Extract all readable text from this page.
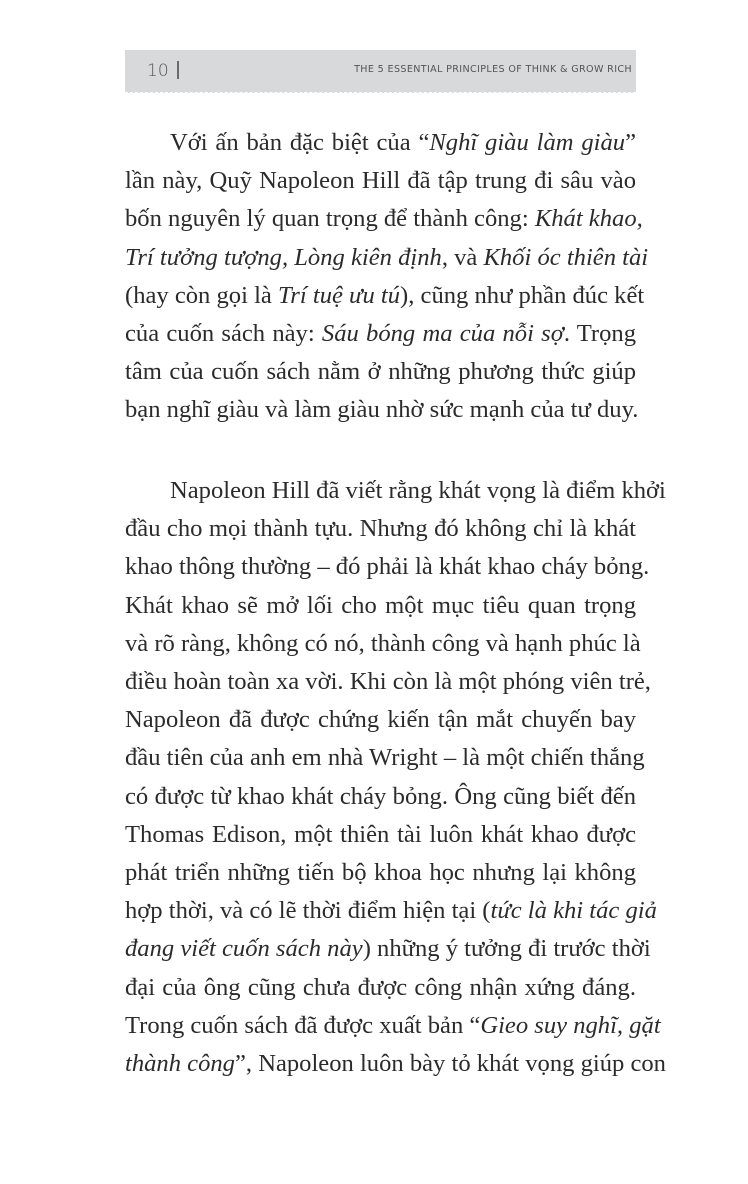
10	THE 5 ESSENTIAL PRINCIPLES OF THINK & GROW RICH
Với ấn bản đặc biệt của “Nghĩ giàu làm giàu”
lần này, Quỹ Napoleon Hill đã tập trung đi sâu vào
bốn nguyên lý quan trọng để thành công: Khát khao,
Trí tưởng tượng, Lòng kiên định, và Khối óc thiên tài
(hay còn gọi là Trí tuệ ưu tú), cũng như phần đúc kết
của cuốn sách này: Sáu bóng ma của nỗi sợ. Trọng
tâm của cuốn sách nằm ở những phương thức giúp
bạn nghĩ giàu và làm giàu nhờ sức mạnh của tư duy.
Napoleon Hill đã viết rằng khát vọng là điểm khởi
đầu cho mọi thành tựu. Nhưng đó không chỉ là khát
khao thông thường – đó phải là khát khao cháy bỏng.
Khát khao sẽ mở lối cho một mục tiêu quan trọng
và rõ ràng, không có nó, thành công và hạnh phúc là
điều hoàn toàn xa vời. Khi còn là một phóng viên trẻ,
Napoleon đã được chứng kiến tận mắt chuyến bay
đầu tiên của anh em nhà Wright – là một chiến thắng
có được từ khao khát cháy bỏng. Ông cũng biết đến
Thomas Edison, một thiên tài luôn khát khao được
phát triển những tiến bộ khoa học nhưng lại không
hợp thời, và có lẽ thời điểm hiện tại (tức là khi tác giả
đang viết cuốn sách này) những ý tưởng đi trước thời
đại của ông cũng chưa được công nhận xứng đáng.
Trong cuốn sách đã được xuất bản “Gieo suy nghĩ, gặt
thành công”, Napoleon luôn bày tỏ khát vọng giúp con
